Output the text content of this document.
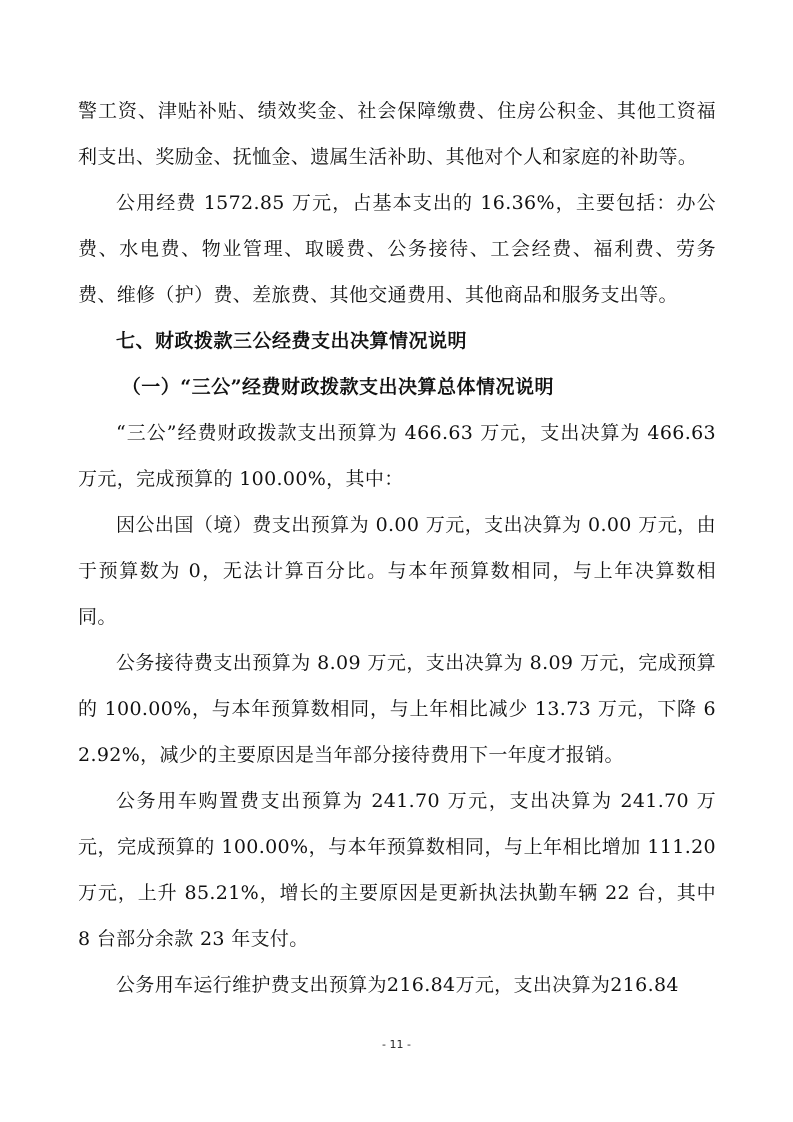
警工资、津贴补贴、绩效奖金、社会保障缴费、住房公积金、其他工资福利支出、奖励金、抚恤金、遗属生活补助、其他对个人和家庭的补助等。

公用经费 1572.85 万元，占基本支出的 16.36%，主要包括：办公费、水电费、物业管理、取暖费、公务接待、工会经费、福利费、劳务费、维修（护）费、差旅费、其他交通费用、其他商品和服务支出等。

七、财政拨款三公经费支出决算情况说明

（一）“三公”经费财政拨款支出决算总体情况说明

“三公”经费财政拨款支出预算为 466.63 万元，支出决算为 466.63 万元，完成预算的 100.00%，其中：

因公出国（境）费支出预算为 0.00 万元，支出决算为 0.00 万元，由于预算数为 0，无法计算百分比。与本年预算数相同，与上年决算数相同。

公务接待费支出预算为 8.09 万元，支出决算为 8.09 万元，完成预算的 100.00%，与本年预算数相同，与上年相比减少 13.73 万元，下降 62.92%，减少的主要原因是当年部分接待费用下一年度才报销。

公务用车购置费支出预算为 241.70 万元，支出决算为 241.70 万元，完成预算的 100.00%，与本年预算数相同，与上年相比增加 111.20 万元，上升 85.21%，增长的主要原因是更新执法执勤车辆 22 台，其中 8 台部分余款 23 年支付。

公务用车运行维护费支出预算为216.84万元，支出决算为216.84

- 11 -
